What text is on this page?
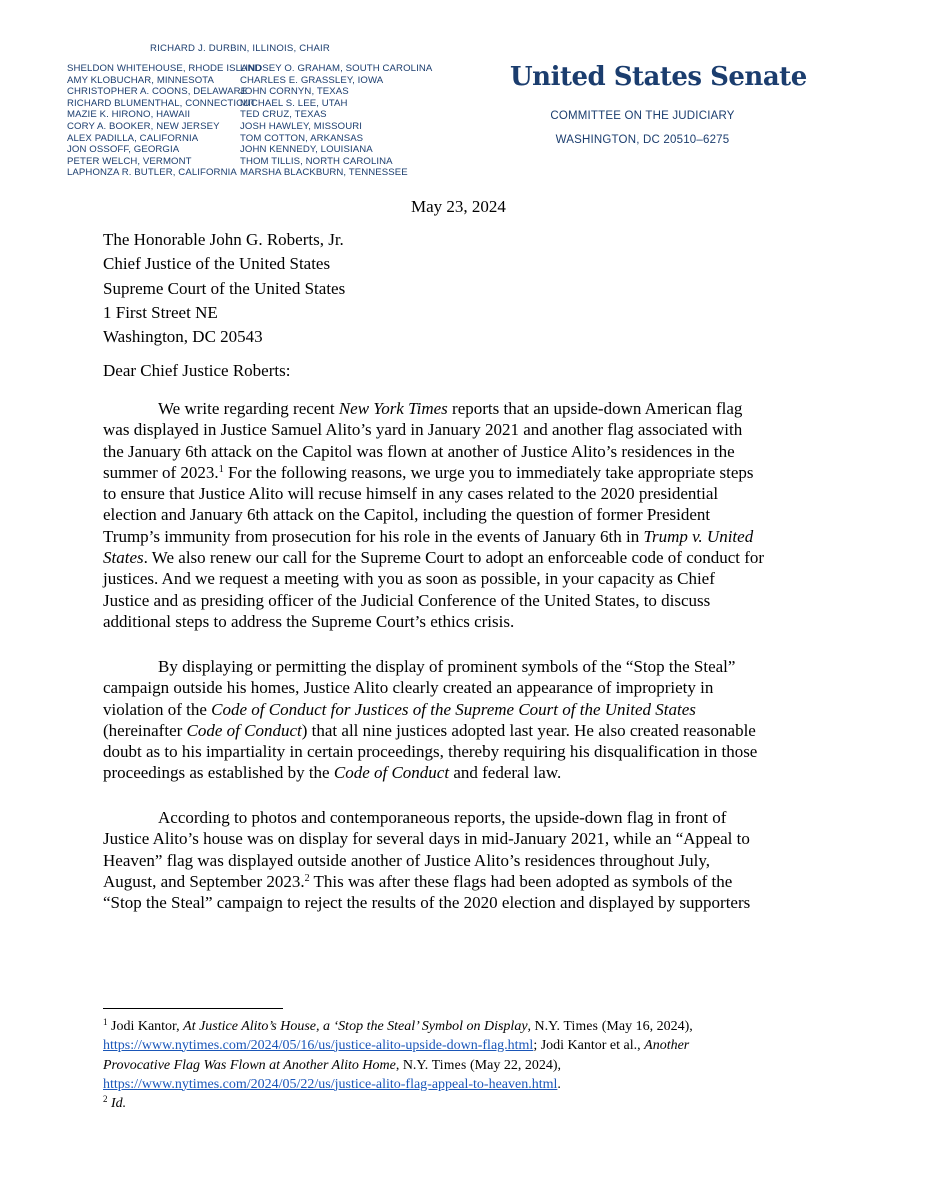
RICHARD J. DURBIN, ILLINOIS, CHAIR
SHELDON WHITEHOUSE, RHODE ISLAND
AMY KLOBUCHAR, MINNESOTA
CHRISTOPHER A. COONS, DELAWARE
RICHARD BLUMENTHAL, CONNECTICUT
MAZIE K. HIRONO, HAWAII
CORY A. BOOKER, NEW JERSEY
ALEX PADILLA, CALIFORNIA
JON OSSOFF, GEORGIA
PETER WELCH, VERMONT
LAPHONZA R. BUTLER, CALIFORNIA
LINDSEY O. GRAHAM, SOUTH CAROLINA
CHARLES E. GRASSLEY, IOWA
JOHN CORNYN, TEXAS
MICHAEL S. LEE, UTAH
TED CRUZ, TEXAS
JOSH HAWLEY, MISSOURI
TOM COTTON, ARKANSAS
JOHN KENNEDY, LOUISIANA
THOM TILLIS, NORTH CAROLINA
MARSHA BLACKBURN, TENNESSEE
United States Senate
COMMITTEE ON THE JUDICIARY
WASHINGTON, DC 20510–6275
May 23, 2024
The Honorable John G. Roberts, Jr.
Chief Justice of the United States
Supreme Court of the United States
1 First Street NE
Washington, DC 20543
Dear Chief Justice Roberts:
We write regarding recent New York Times reports that an upside-down American flag
was displayed in Justice Samuel Alito’s yard in January 2021 and another flag associated with
the January 6th attack on the Capitol was flown at another of Justice Alito’s residences in the
summer of 2023.$^1$ For the following reasons, we urge you to immediately take appropriate steps
to ensure that Justice Alito will recuse himself in any cases related to the 2020 presidential
election and January 6th attack on the Capitol, including the question of former President
Trump’s immunity from prosecution for his role in the events of January 6th in Trump v. United
States. We also renew our call for the Supreme Court to adopt an enforceable code of conduct for
justices. And we request a meeting with you as soon as possible, in your capacity as Chief
Justice and as presiding officer of the Judicial Conference of the United States, to discuss
additional steps to address the Supreme Court’s ethics crisis.
By displaying or permitting the display of prominent symbols of the “Stop the Steal”
campaign outside his homes, Justice Alito clearly created an appearance of impropriety in
violation of the Code of Conduct for Justices of the Supreme Court of the United States
(hereinafter Code of Conduct) that all nine justices adopted last year. He also created reasonable
doubt as to his impartiality in certain proceedings, thereby requiring his disqualification in those
proceedings as established by the Code of Conduct and federal law.
According to photos and contemporaneous reports, the upside-down flag in front of
Justice Alito’s house was on display for several days in mid-January 2021, while an “Appeal to
Heaven” flag was displayed outside another of Justice Alito’s residences throughout July,
August, and September 2023.$^2$ This was after these flags had been adopted as symbols of the
“Stop the Steal” campaign to reject the results of the 2020 election and displayed by supporters
$^1$ Jodi Kantor, At Justice Alito’s House, a ‘Stop the Steal’ Symbol on Display, N.Y. Times (May 16, 2024),
https://www.nytimes.com/2024/05/16/us/justice-alito-upside-down-flag.html; Jodi Kantor et al., Another
Provocative Flag Was Flown at Another Alito Home, N.Y. Times (May 22, 2024),
https://www.nytimes.com/2024/05/22/us/justice-alito-flag-appeal-to-heaven.html.
$^2$ Id.
